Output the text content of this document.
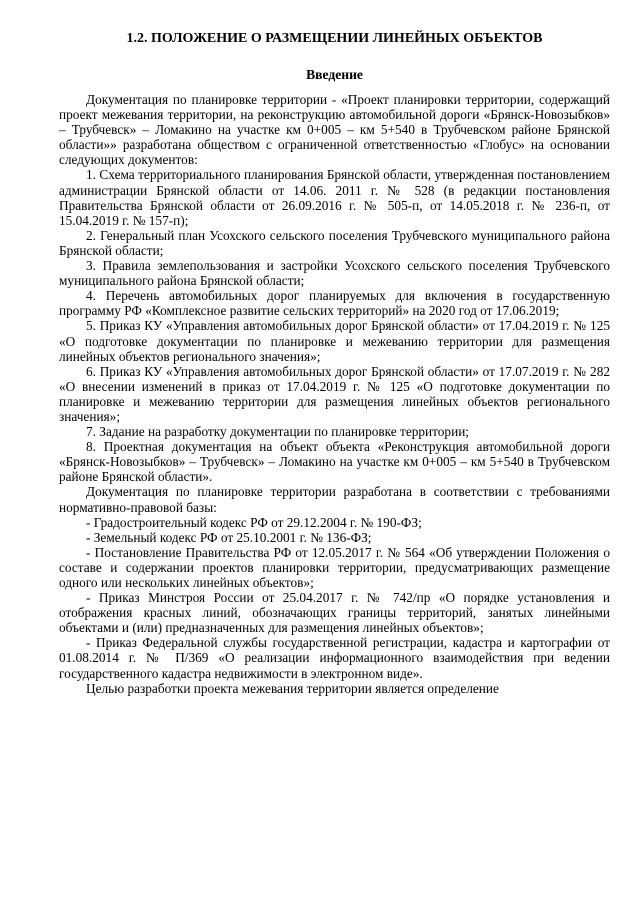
1.2. ПОЛОЖЕНИЕ О РАЗМЕЩЕНИИ ЛИНЕЙНЫХ ОБЪЕКТОВ
Введение

Документация по планировке территории - «Проект планировки территории, содержащий проект межевания территории, на реконструкцию автомобильной дороги «Брянск-Новозыбков» – Трубчевск» – Ломакино на участке км 0+005 – км 5+540 в Трубчевском районе Брянской области»» разработана обществом с ограниченной ответственностью «Глобус» на основании следующих документов:

1. Схема территориального планирования Брянской области, утвержденная постановлением администрации Брянской области от 14.06. 2011 г. № 528 (в редакции постановления Правительства Брянской области от 26.09.2016 г. № 505-п, от 14.05.2018 г. № 236-п, от 15.04.2019 г. № 157-п);

2. Генеральный план Усохского сельского поселения Трубчевского муниципального района Брянской области;

3. Правила землепользования и застройки Усохского сельского поселения Трубчевского муниципального района Брянской области;

4. Перечень автомобильных дорог планируемых для включения в государственную программу РФ «Комплексное развитие сельских территорий» на 2020 год от 17.06.2019;

5. Приказ КУ «Управления автомобильных дорог Брянской области» от 17.04.2019 г. № 125 «О подготовке документации по планировке и межеванию территории для размещения линейных объектов регионального значения»;

6. Приказ КУ «Управления автомобильных дорог Брянской области» от 17.07.2019 г. № 282 «О внесении изменений в приказ от 17.04.2019 г. № 125 «О подготовке документации по планировке и межеванию территории для размещения линейных объектов регионального значения»;

7. Задание на разработку документации по планировке территории;

8. Проектная документация на объект объекта «Реконструкция автомобильной дороги «Брянск-Новозыбков» – Трубчевск» – Ломакино на участке км 0+005 – км 5+540 в Трубчевском районе Брянской области».

Документация по планировке территории разработана в соответствии с требованиями нормативно-правовой базы:

- Градостроительный кодекс РФ от 29.12.2004 г. № 190-ФЗ;

- Земельный кодекс РФ от 25.10.2001 г. № 136-ФЗ;

- Постановление Правительства РФ от 12.05.2017 г. № 564 «Об утверждении Положения о составе и содержании проектов планировки территории, предусматривающих размещение одного или нескольких линейных объектов»;

- Приказ Минстроя России от 25.04.2017 г. № 742/пр «О порядке установления и отображения красных линий, обозначающих границы территорий, занятых линейными объектами и (или) предназначенных для размещения линейных объектов»;

- Приказ Федеральной службы государственной регистрации, кадастра и картографии от 01.08.2014 г. № П/369 «О реализации информационного взаимодействия при ведении государственного кадастра недвижимости в электронном виде».

Целью разработки проекта межевания территории является определение
